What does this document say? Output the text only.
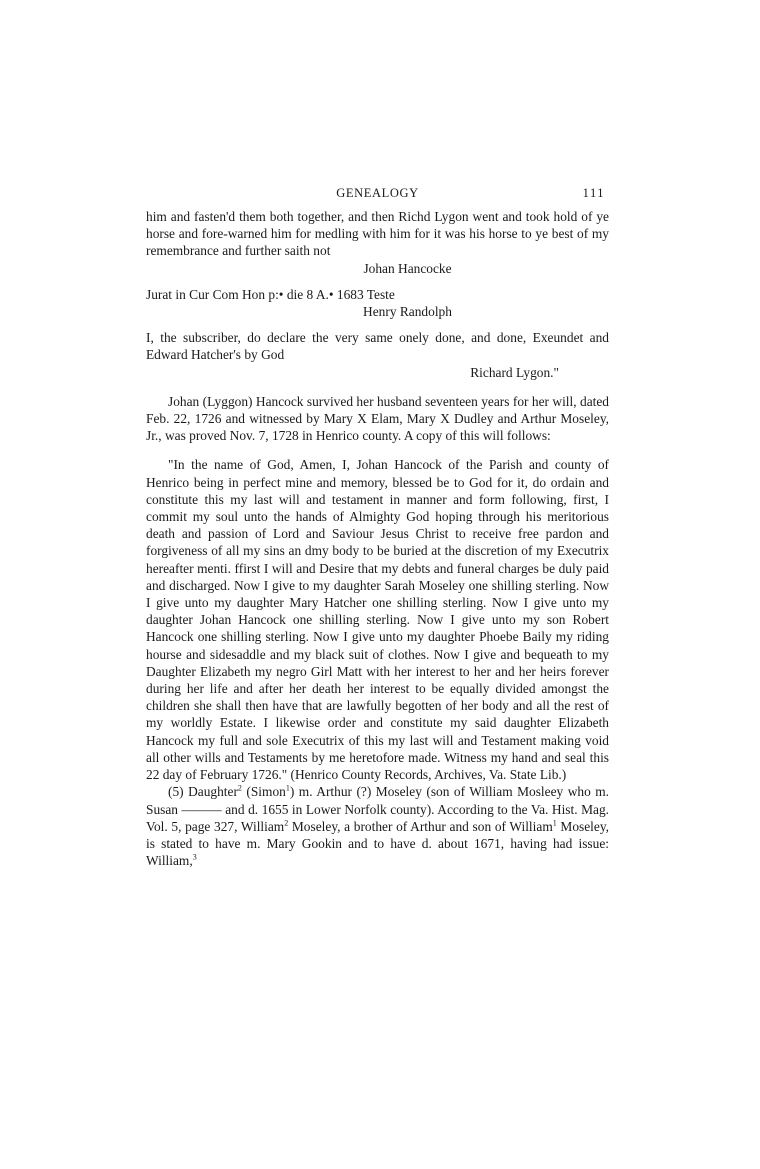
GENEALOGY	111

him and fasten'd them both together, and then Richd Lygon went and took hold of ye horse and fore-warned him for medling with him for it was his horse to ye best of my remembrance and further saith not

Johan Hancocke

Jurat in Cur Com Hon p:• die 8 A.• 1683 Teste

Henry Randolph

I, the subscriber, do declare the very same onely done, and done, Exeundet and Edward Hatcher's by God

Richard Lygon."

Johan (Lyggon) Hancock survived her husband seventeen years for her will, dated Feb. 22, 1726 and witnessed by Mary X Elam, Mary X Dudley and Arthur Moseley, Jr., was proved Nov. 7, 1728 in Henrico county. A copy of this will follows:

"In the name of God, Amen, I, Johan Hancock of the Parish and county of Henrico being in perfect mine and memory, blessed be to God for it, do ordain and constitute this my last will and testament in manner and form following, first, I commit my soul unto the hands of Almighty God hoping through his meritorious death and passion of Lord and Saviour Jesus Christ to receive free pardon and forgiveness of all my sins an dmy body to be buried at the discretion of my Executrix hereafter menti. ffirst I will and Desire that my debts and funeral charges be duly paid and discharged. Now I give to my daughter Sarah Moseley one shilling sterling. Now I give unto my daughter Mary Hatcher one shilling sterling. Now I give unto my daughter Johan Hancock one shilling sterling. Now I give unto my son Robert Hancock one shilling sterling. Now I give unto my daughter Phoebe Baily my riding hourse and sidesaddle and my black suit of clothes. Now I give and bequeath to my Daughter Elizabeth my negro Girl Matt with her interest to her and her heirs forever during her life and after her death her interest to be equally divided amongst the children she shall then have that are lawfully begotten of her body and all the rest of my worldly Estate. I likewise order and constitute my said daughter Elizabeth Hancock my full and sole Executrix of this my last will and Testament making void all other wills and Testaments by me heretofore made. Witness my hand and seal this 22 day of February 1726." (Henrico County Records, Archives, Va. State Lib.)

(5) Daughter$^2$ (Simon$^1$) m. Arthur (?) Moseley (son of William Mosleey who m. Susan ——— and d. 1655 in Lower Norfolk county). According to the Va. Hist. Mag. Vol. 5, page 327, William$^2$ Moseley, a brother of Arthur and son of William$^1$ Moseley, is stated to have m. Mary Gookin and to have d. about 1671, having had issue: William,$^3$
